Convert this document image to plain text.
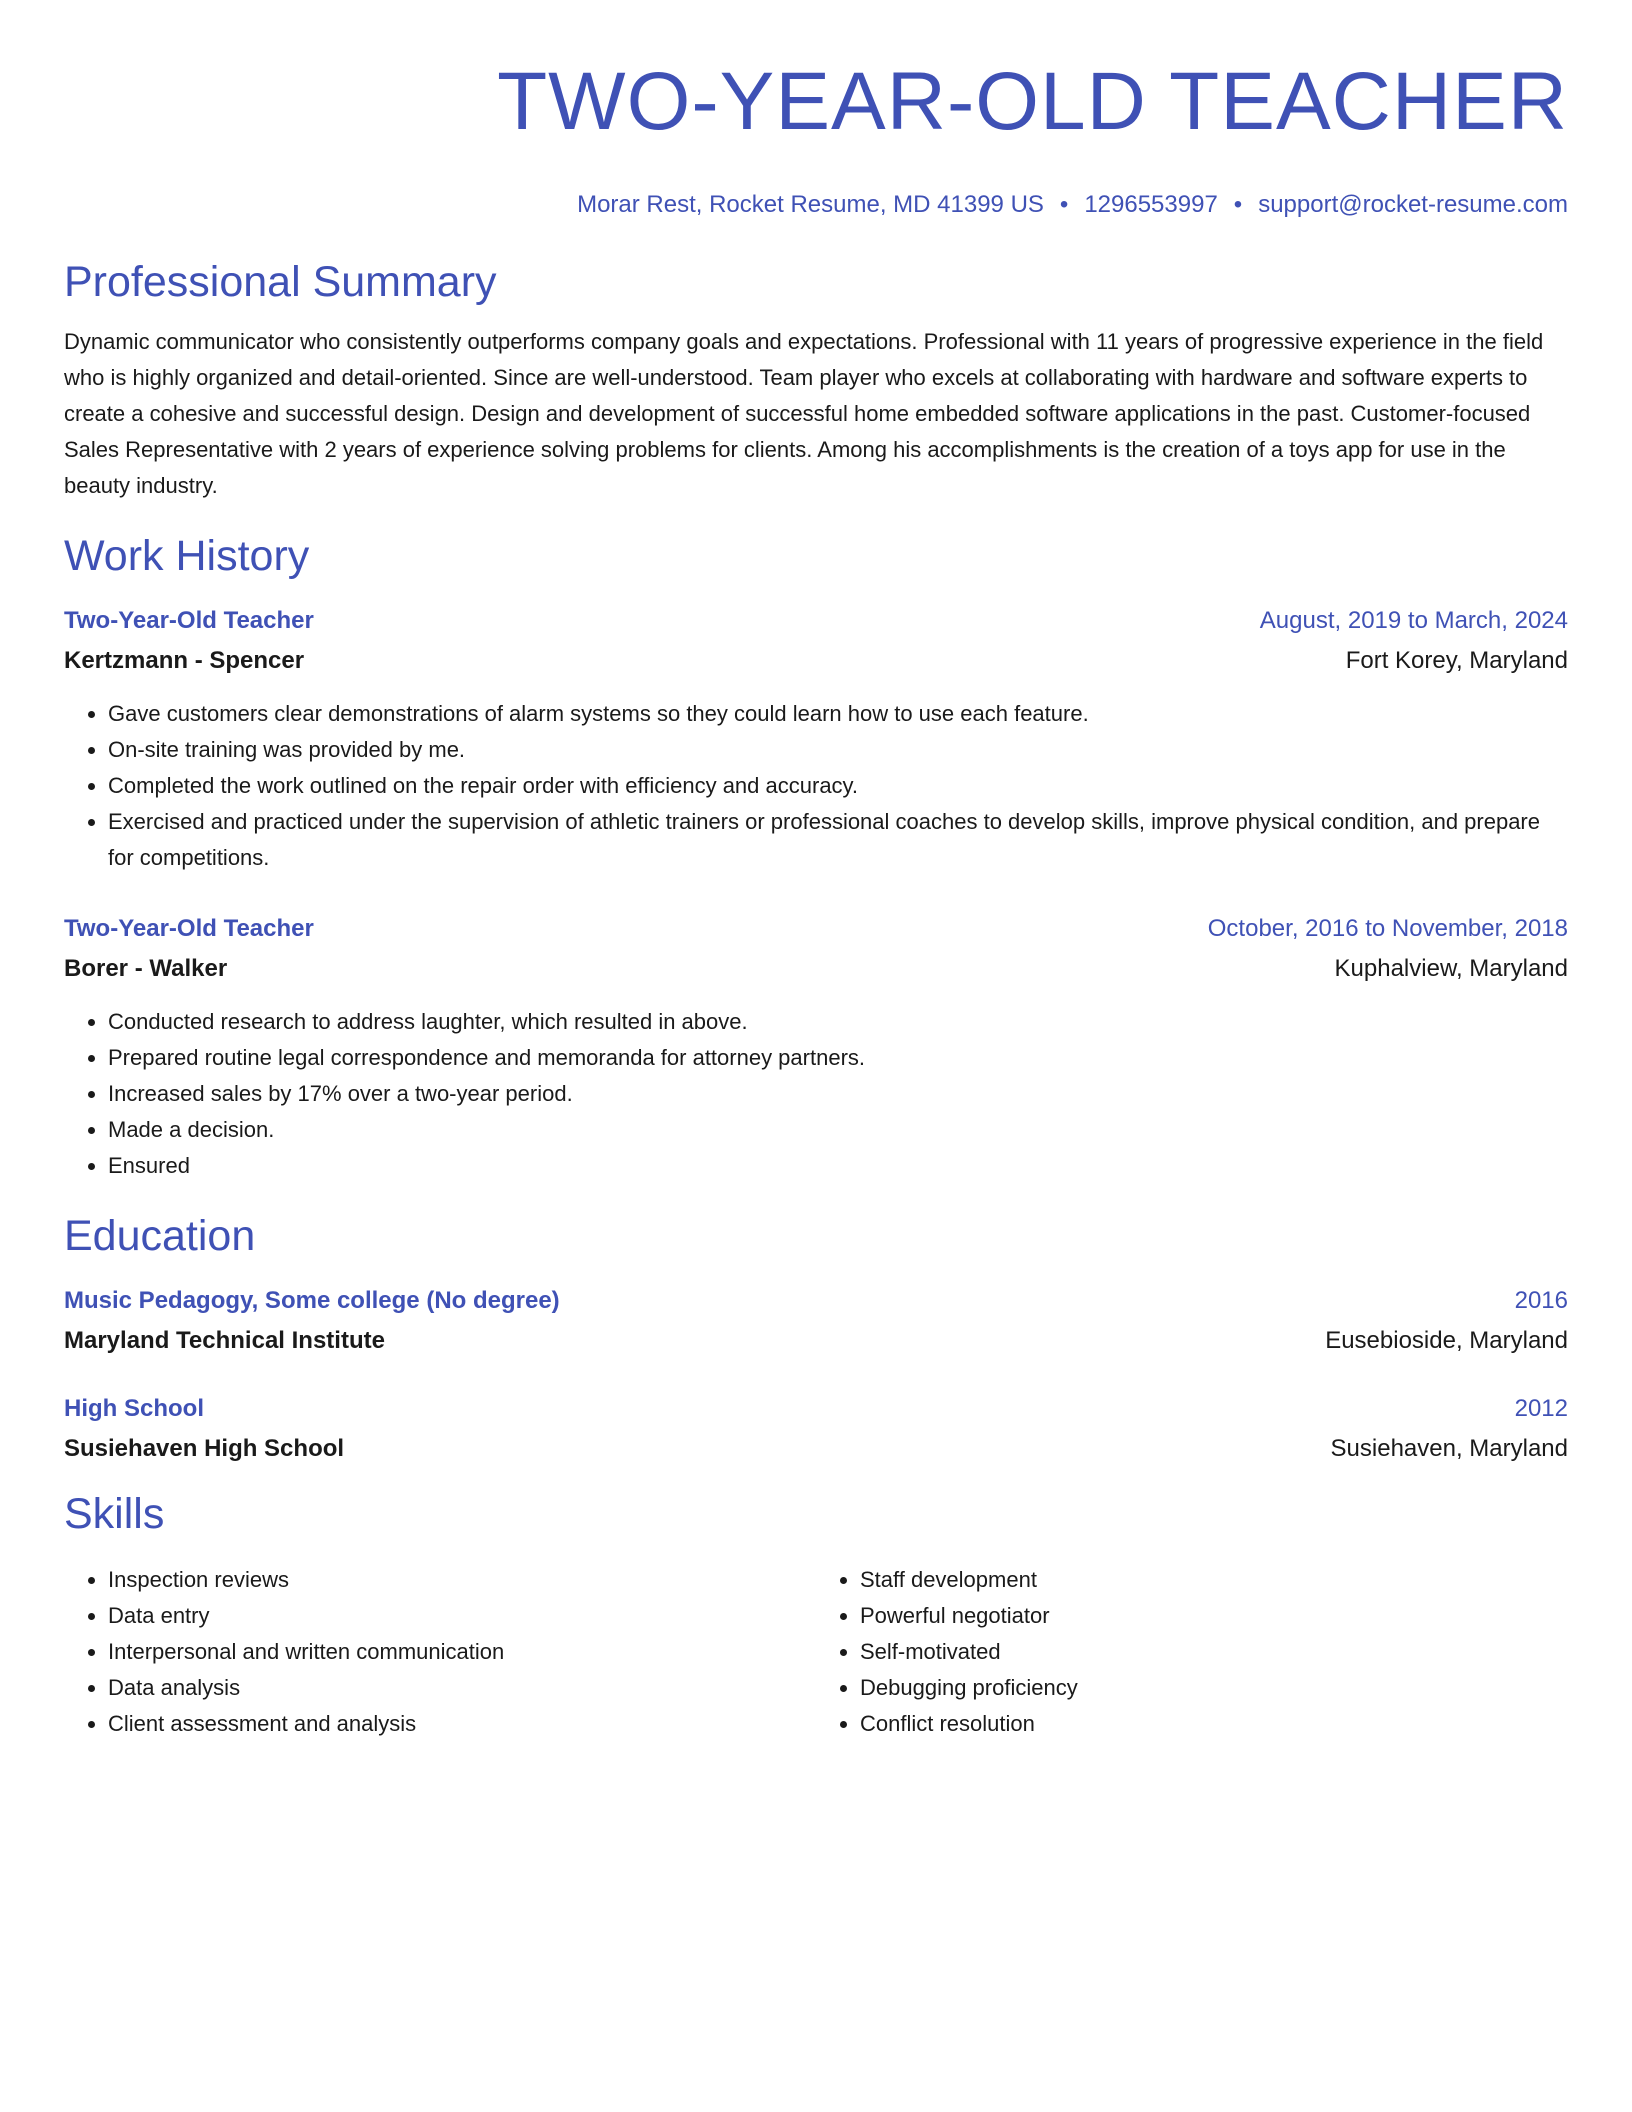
TWO-YEAR-OLD TEACHER
Morar Rest, Rocket Resume, MD 41399 US • 1296553997 • support@rocket-resume.com
Professional Summary
Dynamic communicator who consistently outperforms company goals and expectations. Professional with 11 years of progressive experience in the field who is highly organized and detail-oriented. Since are well-understood. Team player who excels at collaborating with hardware and software experts to create a cohesive and successful design. Design and development of successful home embedded software applications in the past. Customer-focused Sales Representative with 2 years of experience solving problems for clients. Among his accomplishments is the creation of a toys app for use in the beauty industry.
Work History
Two-Year-Old Teacher	August, 2019 to March, 2024
Kertzmann - Spencer	Fort Korey, Maryland
• Gave customers clear demonstrations of alarm systems so they could learn how to use each feature.
• On-site training was provided by me.
• Completed the work outlined on the repair order with efficiency and accuracy.
• Exercised and practiced under the supervision of athletic trainers or professional coaches to develop skills, improve physical condition, and prepare for competitions.
Two-Year-Old Teacher	October, 2016 to November, 2018
Borer - Walker	Kuphalview, Maryland
• Conducted research to address laughter, which resulted in above.
• Prepared routine legal correspondence and memoranda for attorney partners.
• Increased sales by 17% over a two-year period.
• Made a decision.
• Ensured
Education
Music Pedagogy, Some college (No degree)	2016
Maryland Technical Institute	Eusebioside, Maryland
High School	2012
Susiehaven High School	Susiehaven, Maryland
Skills
• Inspection reviews
• Data entry
• Interpersonal and written communication
• Data analysis
• Client assessment and analysis
• Staff development
• Powerful negotiator
• Self-motivated
• Debugging proficiency
• Conflict resolution
